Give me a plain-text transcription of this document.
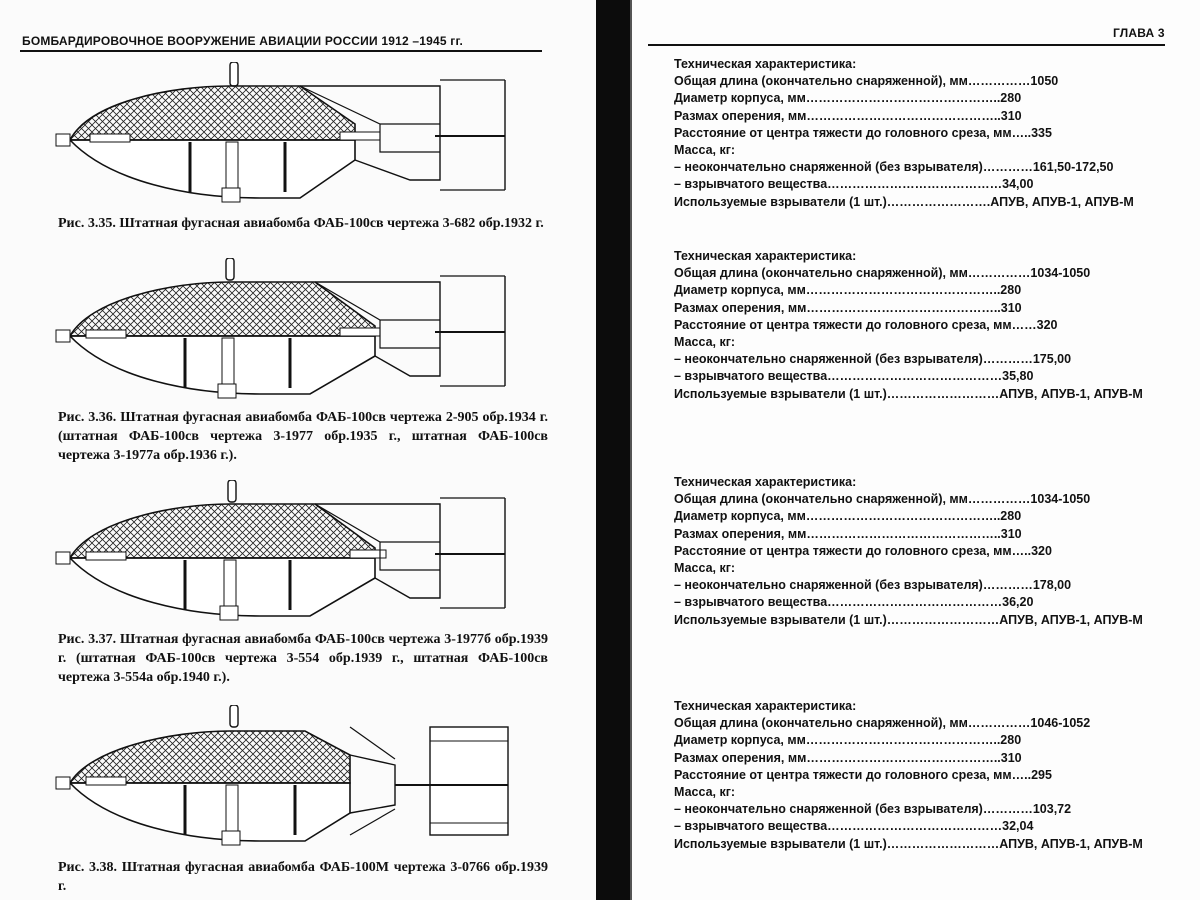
БОМБАРДИРОВОЧНОЕ ВООРУЖЕНИЕ АВИАЦИИ РОССИИ 1912 –1945 гг.
ГЛАВА 3
Рис. 3.35. Штатная фугасная авиабомба ФАБ-100св чертежа 3-682 обр.1932 г.
Рис. 3.36. Штатная фугасная авиабомба ФАБ-100св чертежа 2-905 обр.1934 г. (штатная ФАБ-100св чертежа 3-1977 обр.1935 г., штатная ФАБ-100св чертежа 3-1977а обр.1936 г.).
Рис. 3.37. Штатная фугасная авиабомба ФАБ-100св чертежа 3-1977б обр.1939 г. (штатная ФАБ-100св чертежа 3-554 обр.1939 г., штатная ФАБ-100св чертежа 3-554а обр.1940 г.).
Рис. 3.38. Штатная фугасная авиабомба ФАБ-100М чертежа 3-0766 обр.1939 г.
Техническая характеристика:
Общая длина (окончательно снаряженной), мм……………1050
Диаметр корпуса, мм………………………………………..280
Размах оперения, мм………………………………………..310
Расстояние от центра тяжести до головного среза, мм…..335
Масса, кг:
– неокончательно снаряженной (без взрывателя)…………161,50-172,50
– взрывчатого вещества……………………………………34,00
Используемые взрыватели (1 шт.)…………………….АПУВ, АПУВ-1, АПУВ-М
Техническая характеристика:
Общая длина (окончательно снаряженной), мм……………1034-1050
Диаметр корпуса, мм………………………………………..280
Размах оперения, мм………………………………………..310
Расстояние от центра тяжести до головного среза, мм……320
Масса, кг:
– неокончательно снаряженной (без взрывателя)…………175,00
– взрывчатого вещества……………………………………35,80
Используемые взрыватели (1 шт.)………………………АПУВ, АПУВ-1, АПУВ-М
Техническая характеристика:
Общая длина (окончательно снаряженной), мм……………1034-1050
Диаметр корпуса, мм………………………………………..280
Размах оперения, мм………………………………………..310
Расстояние от центра тяжести до головного среза, мм…..320
Масса, кг:
– неокончательно снаряженной (без взрывателя)…………178,00
– взрывчатого вещества……………………………………36,20
Используемые взрыватели (1 шт.)………………………АПУВ, АПУВ-1, АПУВ-М
Техническая характеристика:
Общая длина (окончательно снаряженной), мм……………1046-1052
Диаметр корпуса, мм………………………………………..280
Размах оперения, мм………………………………………..310
Расстояние от центра тяжести до головного среза, мм…..295
Масса, кг:
– неокончательно снаряженной (без взрывателя)…………103,72
– взрывчатого вещества……………………………………32,04
Используемые взрыватели (1 шт.)………………………АПУВ, АПУВ-1, АПУВ-М
